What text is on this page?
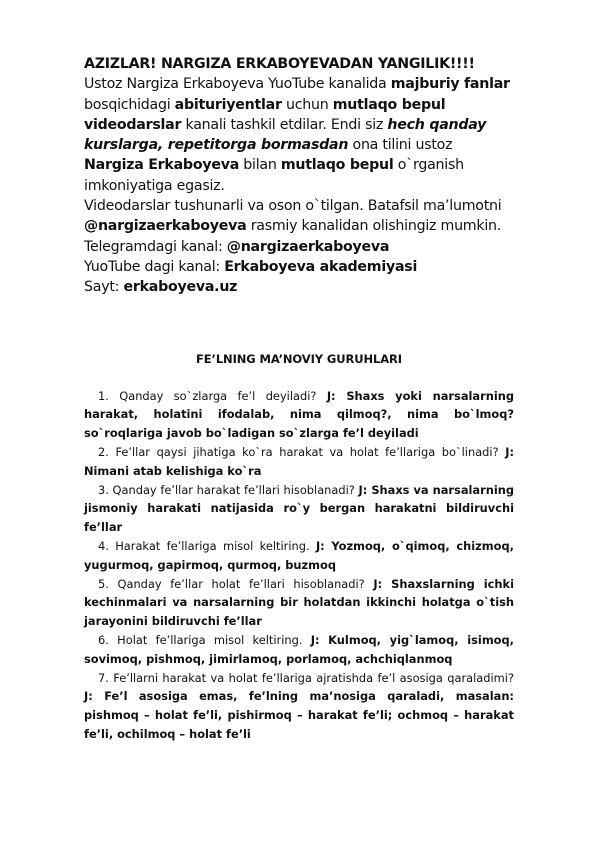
AZIZLAR! NARGIZA ERKABOYEVADAN YANGILIK!!!!

Ustoz Nargiza Erkaboyeva YuoTube kanalida majburiy fanlar bosqichidagi abituriyentlar uchun mutlaqo bepul videodarslar kanali tashkil etdilar. Endi siz hech qanday kurslarga, repetitorga bormasdan ona tilini ustoz Nargiza Erkaboyeva bilan mutlaqo bepul o`rganish imkoniyatiga egasiz.

Videodarslar tushunarli va oson o`tilgan. Batafsil ma’lumotni @nargizaerkaboyeva rasmiy kanalidan olishingiz mumkin.

Telegramdagi kanal: @nargizaerkaboyeva

YuoTube dagi kanal: Erkaboyeva akademiyasi

Sayt: erkaboyeva.uz

FE’LNING MA’NOVIY GURUHLARI

1. Qanday so`zlarga fe’l deyiladi? J: Shaxs yoki narsalarning harakat, holatini ifodalab, nima qilmoq?, nima bo`lmoq? so`roqlariga javob bo`ladigan so`zlarga fe’l deyiladi

2. Fe’llar qaysi jihatiga ko`ra harakat va holat fe’llariga bo`linadi? J: Nimani atab kelishiga ko`ra

3. Qanday fe’llar harakat fe’llari hisoblanadi? J: Shaxs va narsalarning jismoniy harakati natijasida ro`y bergan harakatni bildiruvchi fe’llar

4. Harakat fe’llariga misol keltiring. J: Yozmoq, o`qimoq, chizmoq, yugurmoq, gapirmoq, qurmoq, buzmoq

5. Qanday fe’llar holat fe’llari hisoblanadi? J: Shaxslarning ichki kechinmalari va narsalarning bir holatdan ikkinchi holatga o`tish jarayonini bildiruvchi fe’llar

6. Holat fe’llariga misol keltiring. J: Kulmoq, yig`lamoq, isimoq, sovimoq, pishmoq, jimirlamoq, porlamoq, achchiqlanmoq

7. Fe’llarni harakat va holat fe’llariga ajratishda fe’l asosiga qaraladimi? J: Fe’l asosiga emas, fe’lning ma’nosiga qaraladi, masalan: pishmoq – holat fe’li, pishirmoq – harakat fe’li; ochmoq – harakat fe’li, ochilmoq – holat fe’li
